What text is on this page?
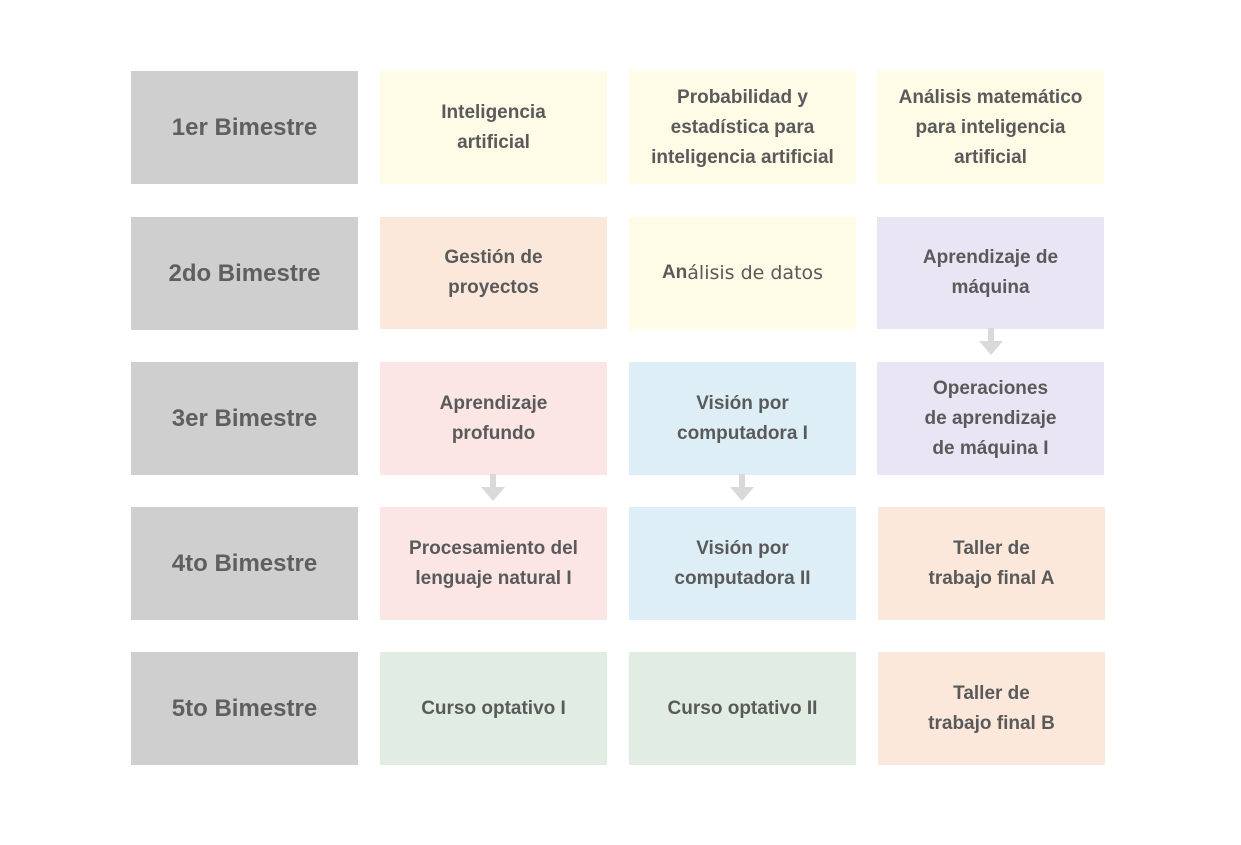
1er Bimestre
Inteligencia
artificial
Probabilidad y
estadística para
inteligencia artificial
Análisis matemático
para inteligencia
artificial
2do Bimestre
Gestión de
proyectos
An álisis de datos
Aprendizaje de
máquina
3er Bimestre
Aprendizaje
profundo
Visión por
computadora I
Operaciones
de aprendizaje
de máquina I
4to Bimestre
Procesamiento del
lenguaje natural I
Visión por
computadora II
Taller de
trabajo final A
5to Bimestre	Curso optativo I	Curso optativo II
Taller de
trabajo final B
